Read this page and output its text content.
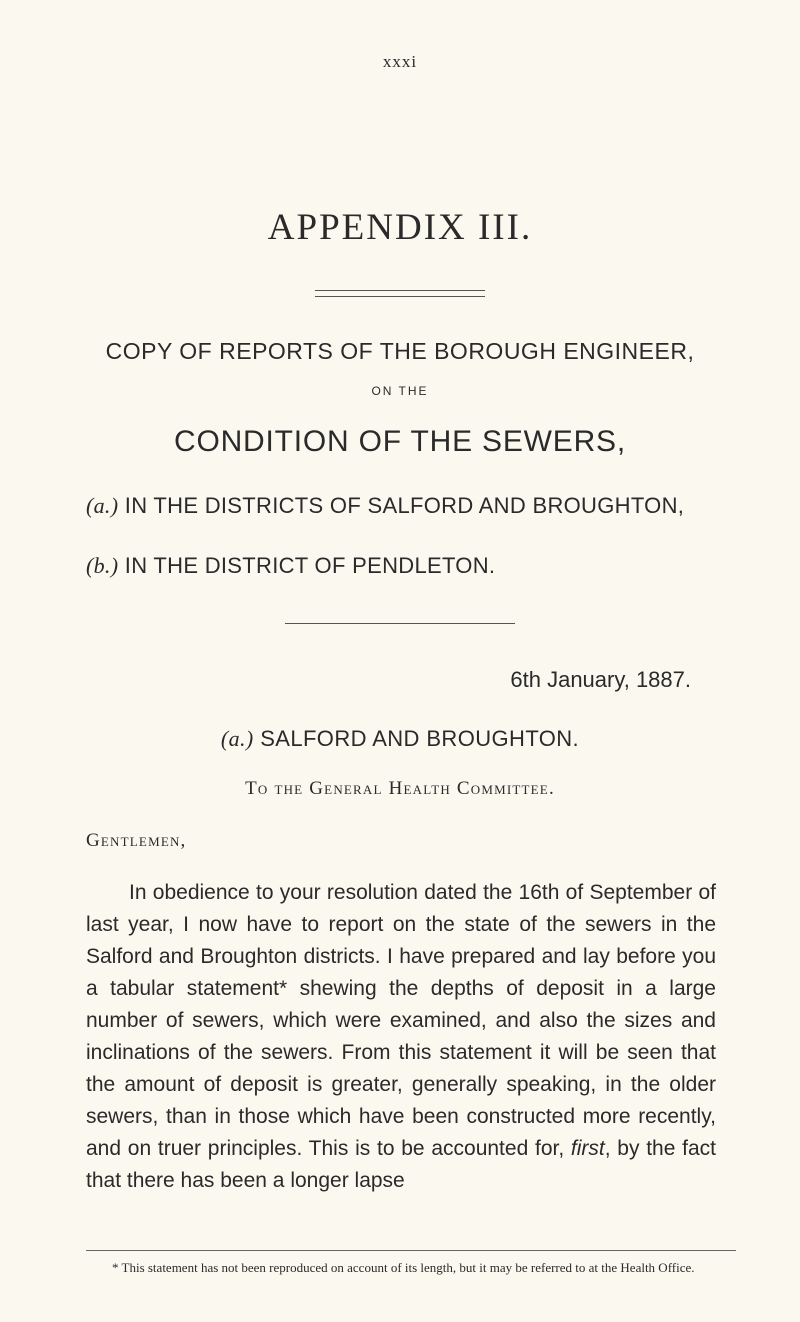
xxxi
APPENDIX III.
COPY OF REPORTS OF THE BOROUGH ENGINEER,
ON THE
CONDITION OF THE SEWERS,
(a.) IN THE DISTRICTS OF SALFORD AND BROUGHTON,
(b.) IN THE DISTRICT OF PENDLETON.
6th January, 1887.
(a.) SALFORD AND BROUGHTON.
To the General Health Committee.
Gentlemen,
In obedience to your resolution dated the 16th of September of last year, I now have to report on the state of the sewers in the Salford and Broughton districts. I have prepared and lay before you a tabular statement* shewing the depths of deposit in a large number of sewers, which were examined, and also the sizes and inclinations of the sewers. From this statement it will be seen that the amount of deposit is greater, generally speaking, in the older sewers, than in those which have been constructed more recently, and on truer principles. This is to be accounted for, first, by the fact that there has been a longer lapse
* This statement has not been reproduced on account of its length, but it may be referred to at the Health Office.
